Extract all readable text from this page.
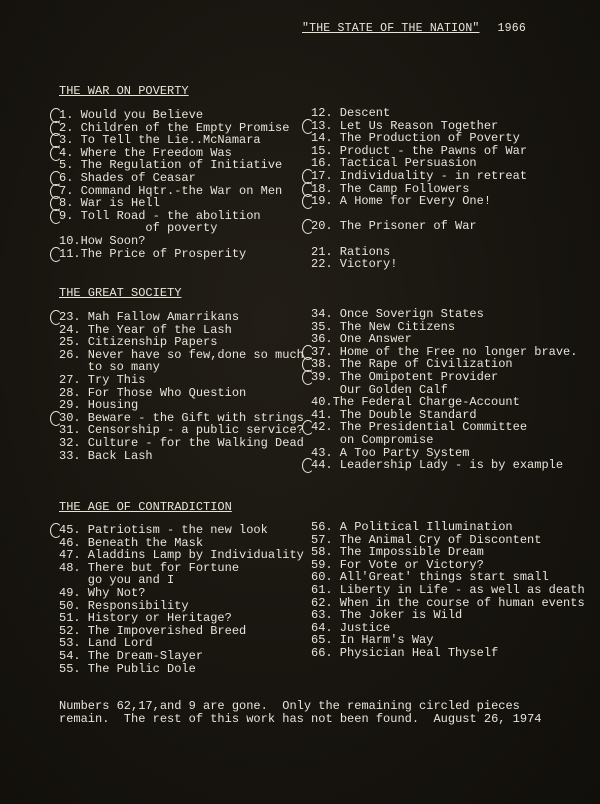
"THE STATE OF THE NATION" 1966
THE WAR ON POVERTY
1. Would you Believe
2. Children of the Empty Promise
3. To Tell the Lie..McNamara
4. Where the Freedom Was
5. The Regulation of Initiative
6. Shades of Ceasar
7. Command Hqtr.-the War on Men
8. War is Hell
9. Toll Road - the abolition
of poverty
10.How Soon?
11.The Price of Prosperity
12. Descent
13. Let Us Reason Together
14. The Production of Poverty
15. Product - the Pawns of War
16. Tactical Persuasion
17. Individuality - in retreat
18. The Camp Followers
19. A Home for Every One!

20. The Prisoner of War

21. Rations
22. Victory!
THE GREAT SOCIETY
23. Mah Fallow Amarrikans
24. The Year of the Lash
25. Citizenship Papers
26. Never have so few,done so much
to so many
27. Try This
28. For Those Who Question
29. Housing
30. Beware - the Gift with strings
31. Censorship - a public service?
32. Culture - for the Walking Dead
33. Back Lash
34. Once Soverign States
35. The New Citizens
36. One Answer
37. Home of the Free no longer brave.
38. The Rape of Civilization
39. The Omipotent Provider
Our Golden Calf
40.The Federal Charge-Account
41. The Double Standard
42. The Presidential Committee
on Compromise
43. A Too Party System
44. Leadership Lady - is by example
THE AGE OF CONTRADICTION
45. Patriotism - the new look
46. Beneath the Mask
47. Aladdins Lamp by Individuality
48. There but for Fortune
go you and I
49. Why Not?
50. Responsibility
51. History or Heritage?
52. The Impoverished Breed
53. Land Lord
54. The Dream-Slayer
55. The Public Dole
56. A Political Illumination
57. The Animal Cry of Discontent
58. The Impossible Dream
59. For Vote or Victory?
60. All'Great' things start small
61. Liberty in Life - as well as death
62. When in the course of human events
63. The Joker is Wild
64. Justice
65. In Harm's Way
66. Physician Heal Thyself
Numbers 62,17,and 9 are gone.  Only the remaining circled pieces
remain.  The rest of this work has not been found.  August 26, 1974
